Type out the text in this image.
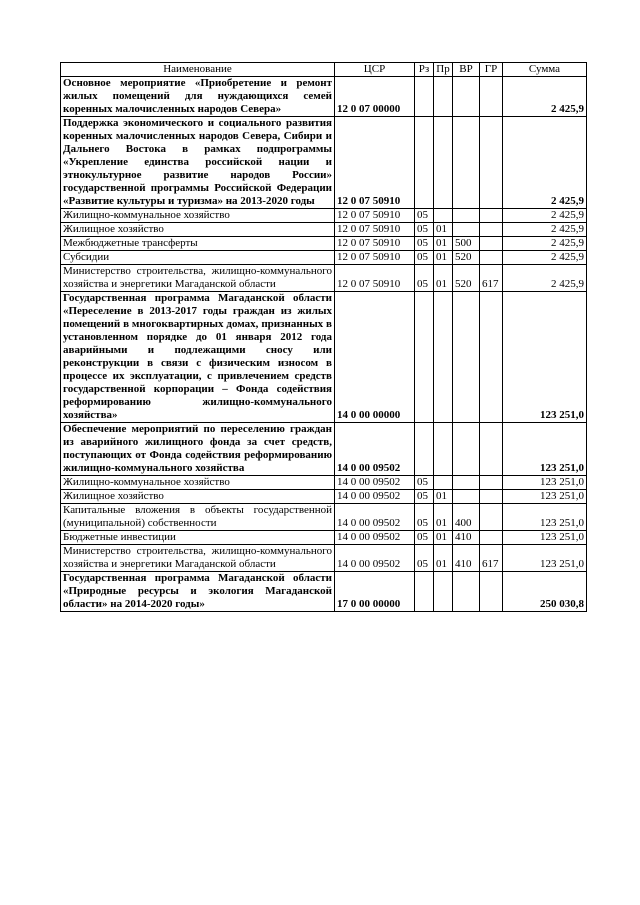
Наименование	ЦСР	Рз	Пр	ВР	ГР	Сумма
Основное мероприятие «Приобретение и ремонт жилых помещений для нуждающихся семей коренных малочисленных народов Севера»	12 0 07 00000					2 425,9
Поддержка экономического и социального развития коренных малочисленных народов Севера, Сибири и Дальнего Востока в рамках подпрограммы «Укрепление единства российской нации и этнокультурное развитие народов России» государственной программы Российской Федерации «Развитие культуры и туризма» на 2013-2020 годы	12 0 07 50910					2 425,9
Жилищно-коммунальное хозяйство	12 0 07 50910	05				2 425,9
Жилищное хозяйство	12 0 07 50910	05	01			2 425,9
Межбюджетные трансферты	12 0 07 50910	05	01	500		2 425,9
Субсидии	12 0 07 50910	05	01	520		2 425,9
Министерство строительства, жилищно-коммунального хозяйства и энергетики Магаданской области	12 0 07 50910	05	01	520	617	2 425,9
Государственная программа Магаданской области «Переселение в 2013-2017 годы граждан из жилых помещений в многоквартирных домах, признанных в установленном порядке до 01 января 2012 года аварийными и подлежащими сносу или реконструкции в связи с физическим износом в процессе их эксплуатации, с привлечением средств государственной корпорации – Фонда содействия реформированию жилищно-коммунального хозяйства»	14 0 00 00000					123 251,0
Обеспечение мероприятий по переселению граждан из аварийного жилищного фонда за счет средств, поступающих от Фонда содействия реформированию жилищно-коммунального хозяйства	14 0 00 09502					123 251,0
Жилищно-коммунальное хозяйство	14 0 00 09502	05				123 251,0
Жилищное хозяйство	14 0 00 09502	05	01			123 251,0
Капитальные вложения в объекты государственной (муниципальной) собственности	14 0 00 09502	05	01	400		123 251,0
Бюджетные инвестиции	14 0 00 09502	05	01	410		123 251,0
Министерство строительства, жилищно-коммунального хозяйства и энергетики Магаданской области	14 0 00 09502	05	01	410	617	123 251,0
Государственная программа Магаданской области «Природные ресурсы и экология Магаданской области» на 2014-2020 годы»	17 0 00 00000					250 030,8
